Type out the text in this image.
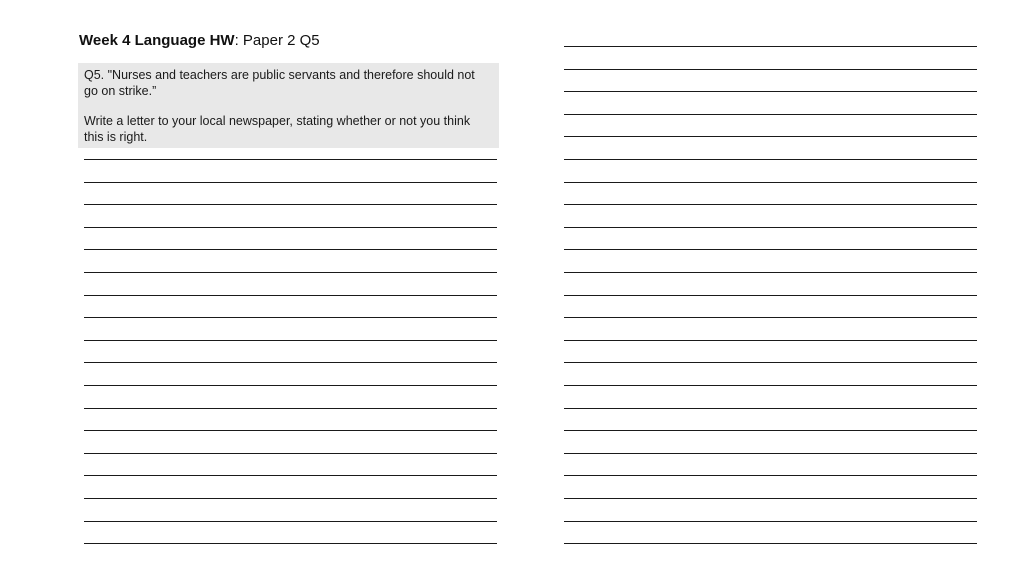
Week 4 Language HW: Paper 2 Q5

Q5. "Nurses and teachers are public servants and therefore should not go on strike.”

Write a letter to your local newspaper, stating whether or not you think this is right.
